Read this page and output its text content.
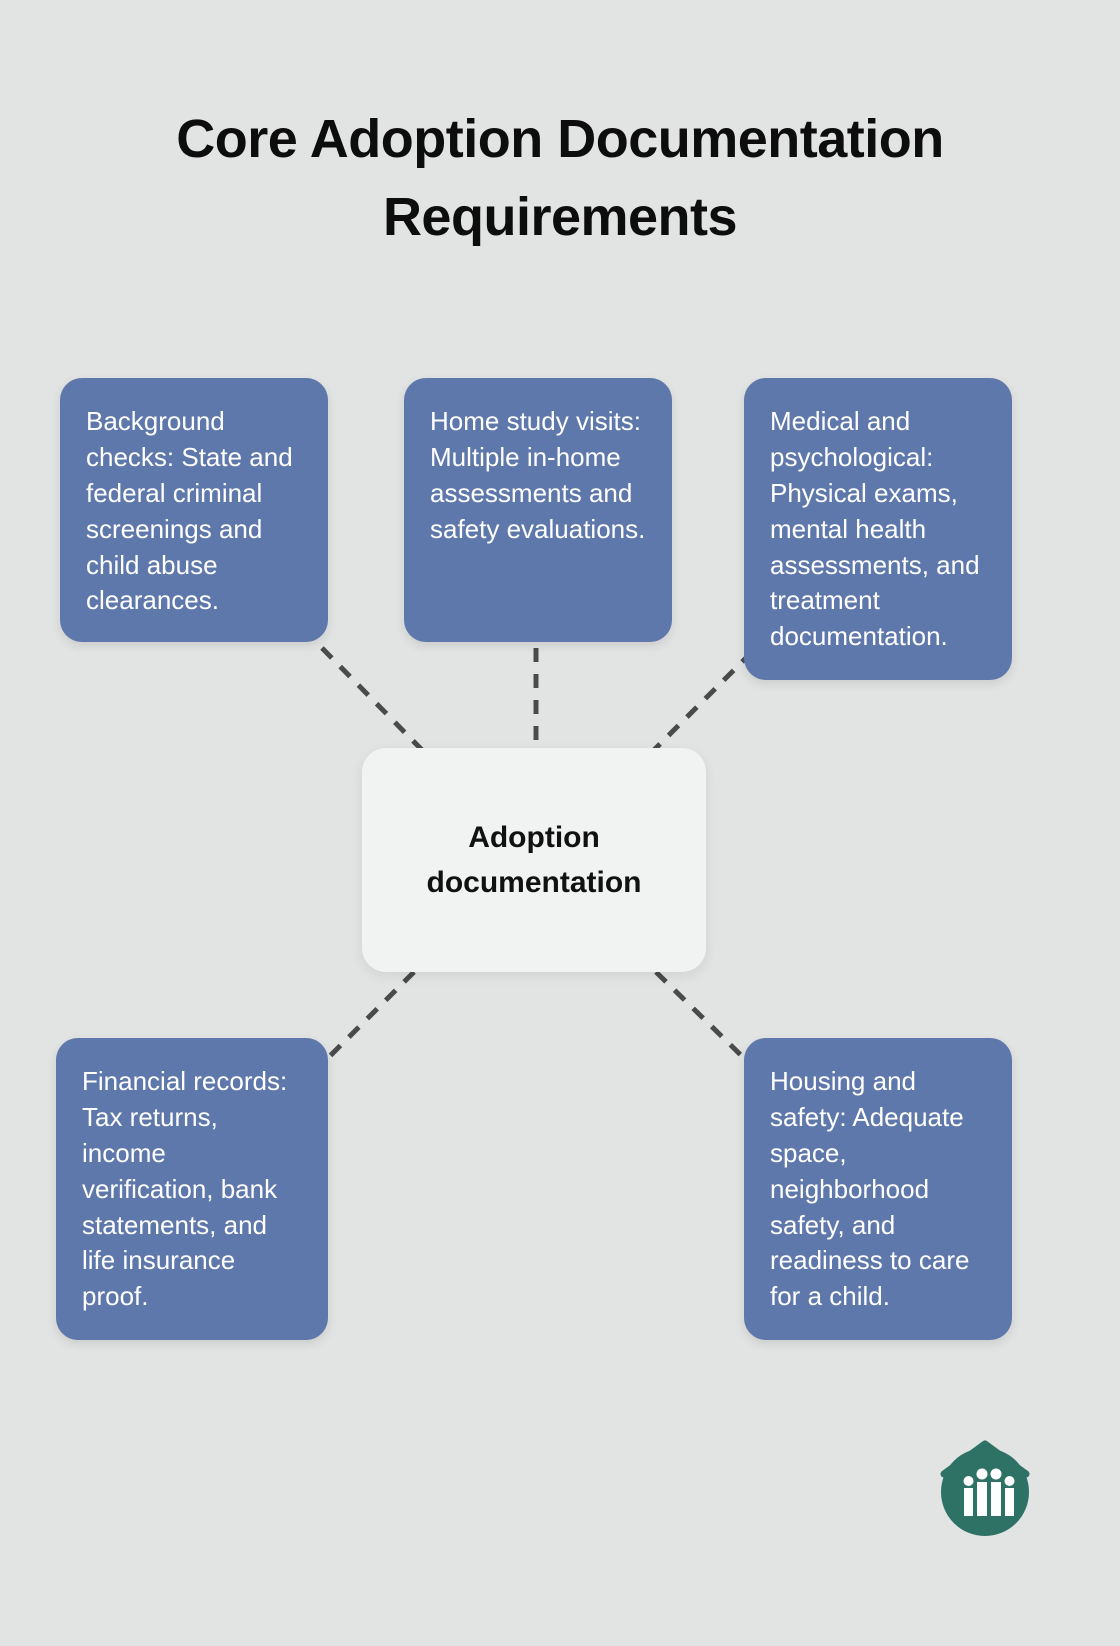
Core Adoption Documentation Requirements
Background checks: State and federal criminal screenings and child abuse clearances.
Home study visits: Multiple in-home assessments and safety evaluations.
Medical and psychological: Physical exams, mental health assessments, and treatment documentation.
Financial records: Tax returns, income verification, bank statements, and life insurance proof.
Housing and safety: Adequate space, neighborhood safety, and readiness to care for a child.
Adoption documentation
